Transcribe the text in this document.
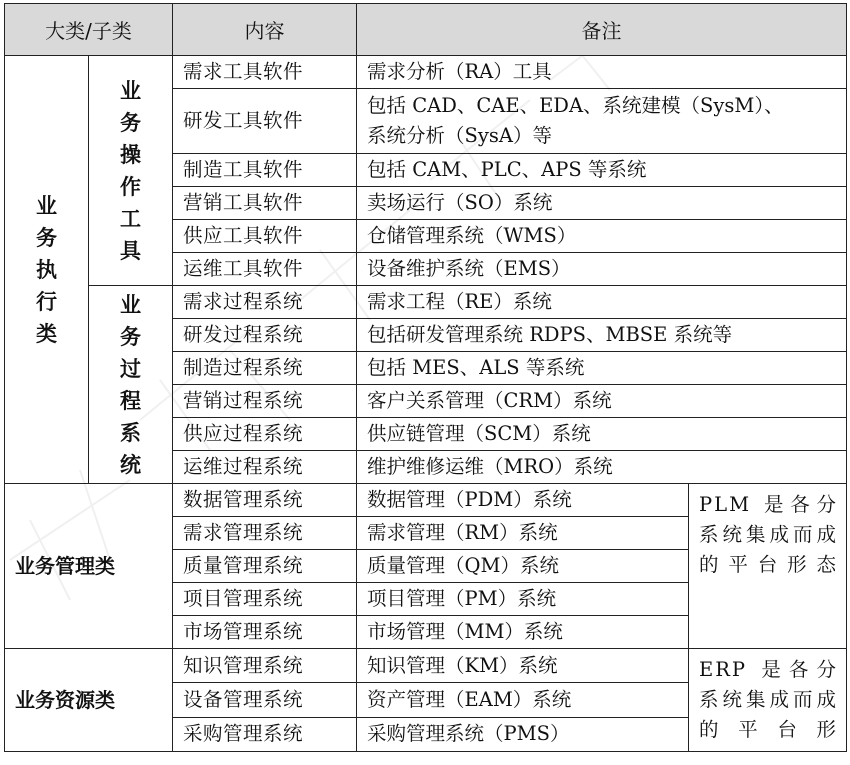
大类/子类		内容	备注	
业务执行类	业务操作工具	需求工具软件	需求分析（RA）工具	
		研发工具软件	包括 CAD、CAE、EDA、系统建模（SysM）、
系统分析（SysA）等	

		制造工具软件	包括 CAM、PLC、APS 等系统	
		营销工具软件	卖场运行（SO）系统	
		供应工具软件	仓储管理系统（WMS）	
		运维工具软件	设备维护系统（EMS）	
	业务过程系统	需求过程系统	需求工程（RE）系统	
		研发过程系统	包括研发管理系统 RDPS、MBSE 系统等	
		制造过程系统	包括 MES、ALS 等系统	
		营销过程系统	客户关系管理（CRM）系统	
		供应过程系统	供应链管理（SCM）系统	
		运维过程系统	维护维修运维（MRO）系统	
业务管理类		数据管理系统	数据管理（PDM）系统	PLM 是各分系统集成而成的平台形态
		需求管理系统	需求管理（RM）系统	
		质量管理系统	质量管理（QM）系统	
		项目管理系统	项目管理（PM）系统	
		市场管理系统	市场管理（MM）系统	
业务资源类		知识管理系统	知识管理（KM）系统	ERP 是各分系统集成而成的平台形
		设备管理系统	资产管理（EAM）系统	
		采购管理系统	采购管理系统（PMS）	
